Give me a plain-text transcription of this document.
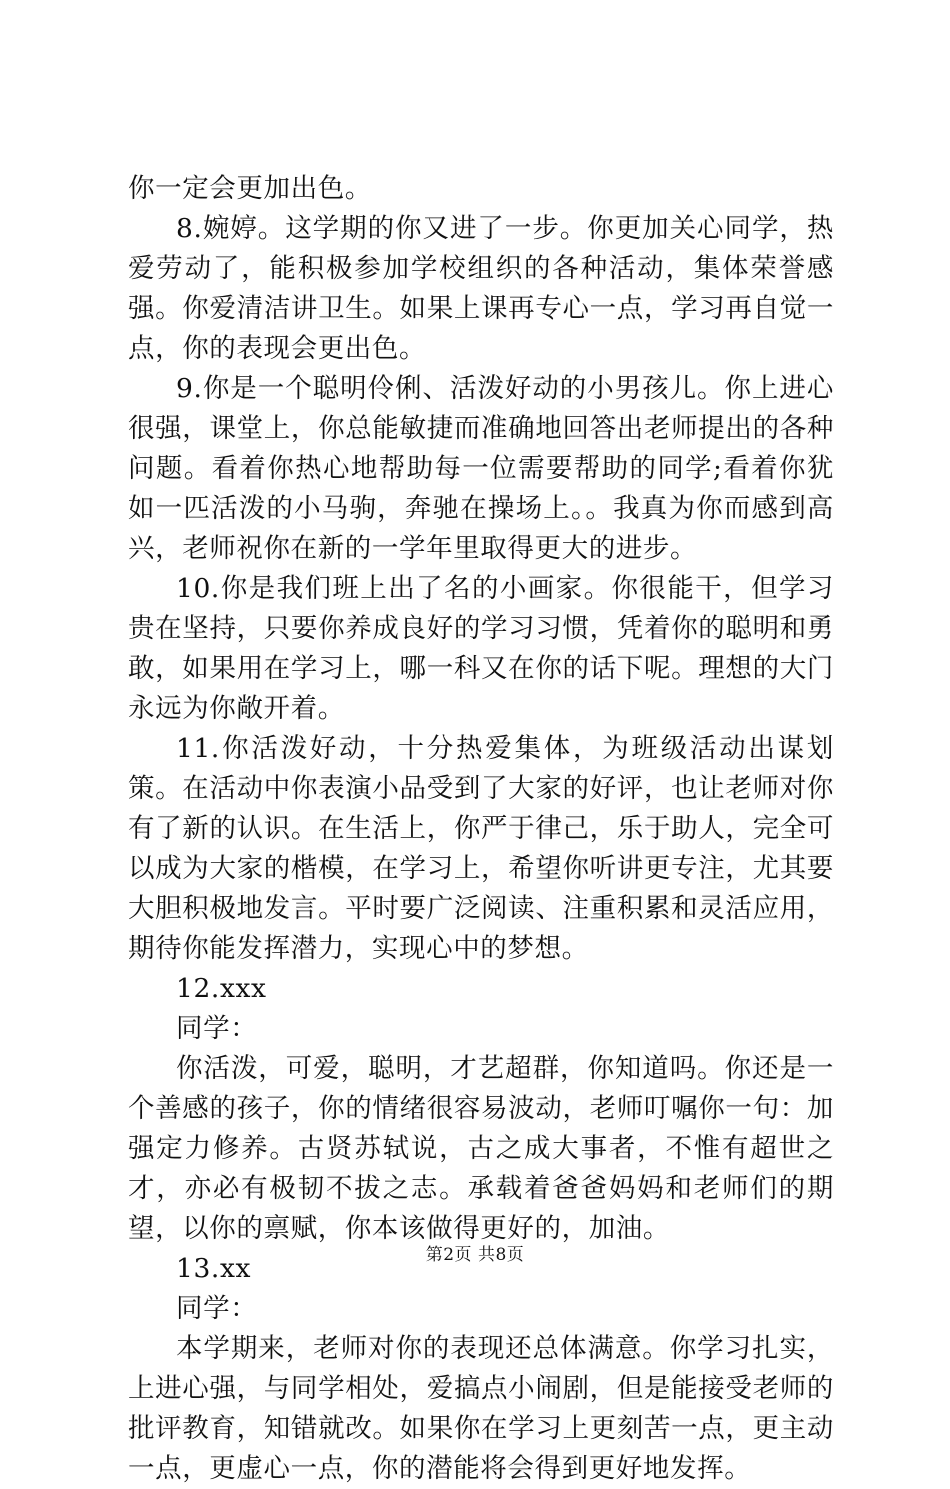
你一定会更加出色。

8.婉婷。这学期的你又进了一步。你更加关心同学，热爱劳动了，能积极参加学校组织的各种活动，集体荣誉感强。你爱清洁讲卫生。如果上课再专心一点，学习再自觉一点，你的表现会更出色。

9.你是一个聪明伶俐、活泼好动的小男孩儿。你上进心很强，课堂上，你总能敏捷而准确地回答出老师提出的各种问题。看着你热心地帮助每一位需要帮助的同学;看着你犹如一匹活泼的小马驹，奔驰在操场上。。我真为你而感到高兴，老师祝你在新的一学年里取得更大的进步。

10.你是我们班上出了名的小画家。你很能干，但学习贵在坚持，只要你养成良好的学习习惯，凭着你的聪明和勇敢，如果用在学习上，哪一科又在你的话下呢。理想的大门永远为你敞开着。

11.你活泼好动，十分热爱集体，为班级活动出谋划策。在活动中你表演小品受到了大家的好评，也让老师对你有了新的认识。在生活上，你严于律己，乐于助人，完全可以成为大家的楷模，在学习上，希望你听讲更专注，尤其要大胆积极地发言。平时要广泛阅读、注重积累和灵活应用，期待你能发挥潜力，实现心中的梦想。

12.xxx

同学：

你活泼，可爱，聪明，才艺超群，你知道吗。你还是一个善感的孩子，你的情绪很容易波动，老师叮嘱你一句：加强定力修养。古贤苏轼说，古之成大事者，不惟有超世之才，亦必有极韧不拔之志。承载着爸爸妈妈和老师们的期望，以你的禀赋，你本该做得更好的，加油。

13.xx

同学：

本学期来，老师对你的表现还总体满意。你学习扎实，上进心强，与同学相处，爱搞点小闹剧，但是能接受老师的批评教育，知错就改。如果你在学习上更刻苦一点，更主动一点，更虚心一点，你的潜能将会得到更好地发挥。

第2页 共8页
